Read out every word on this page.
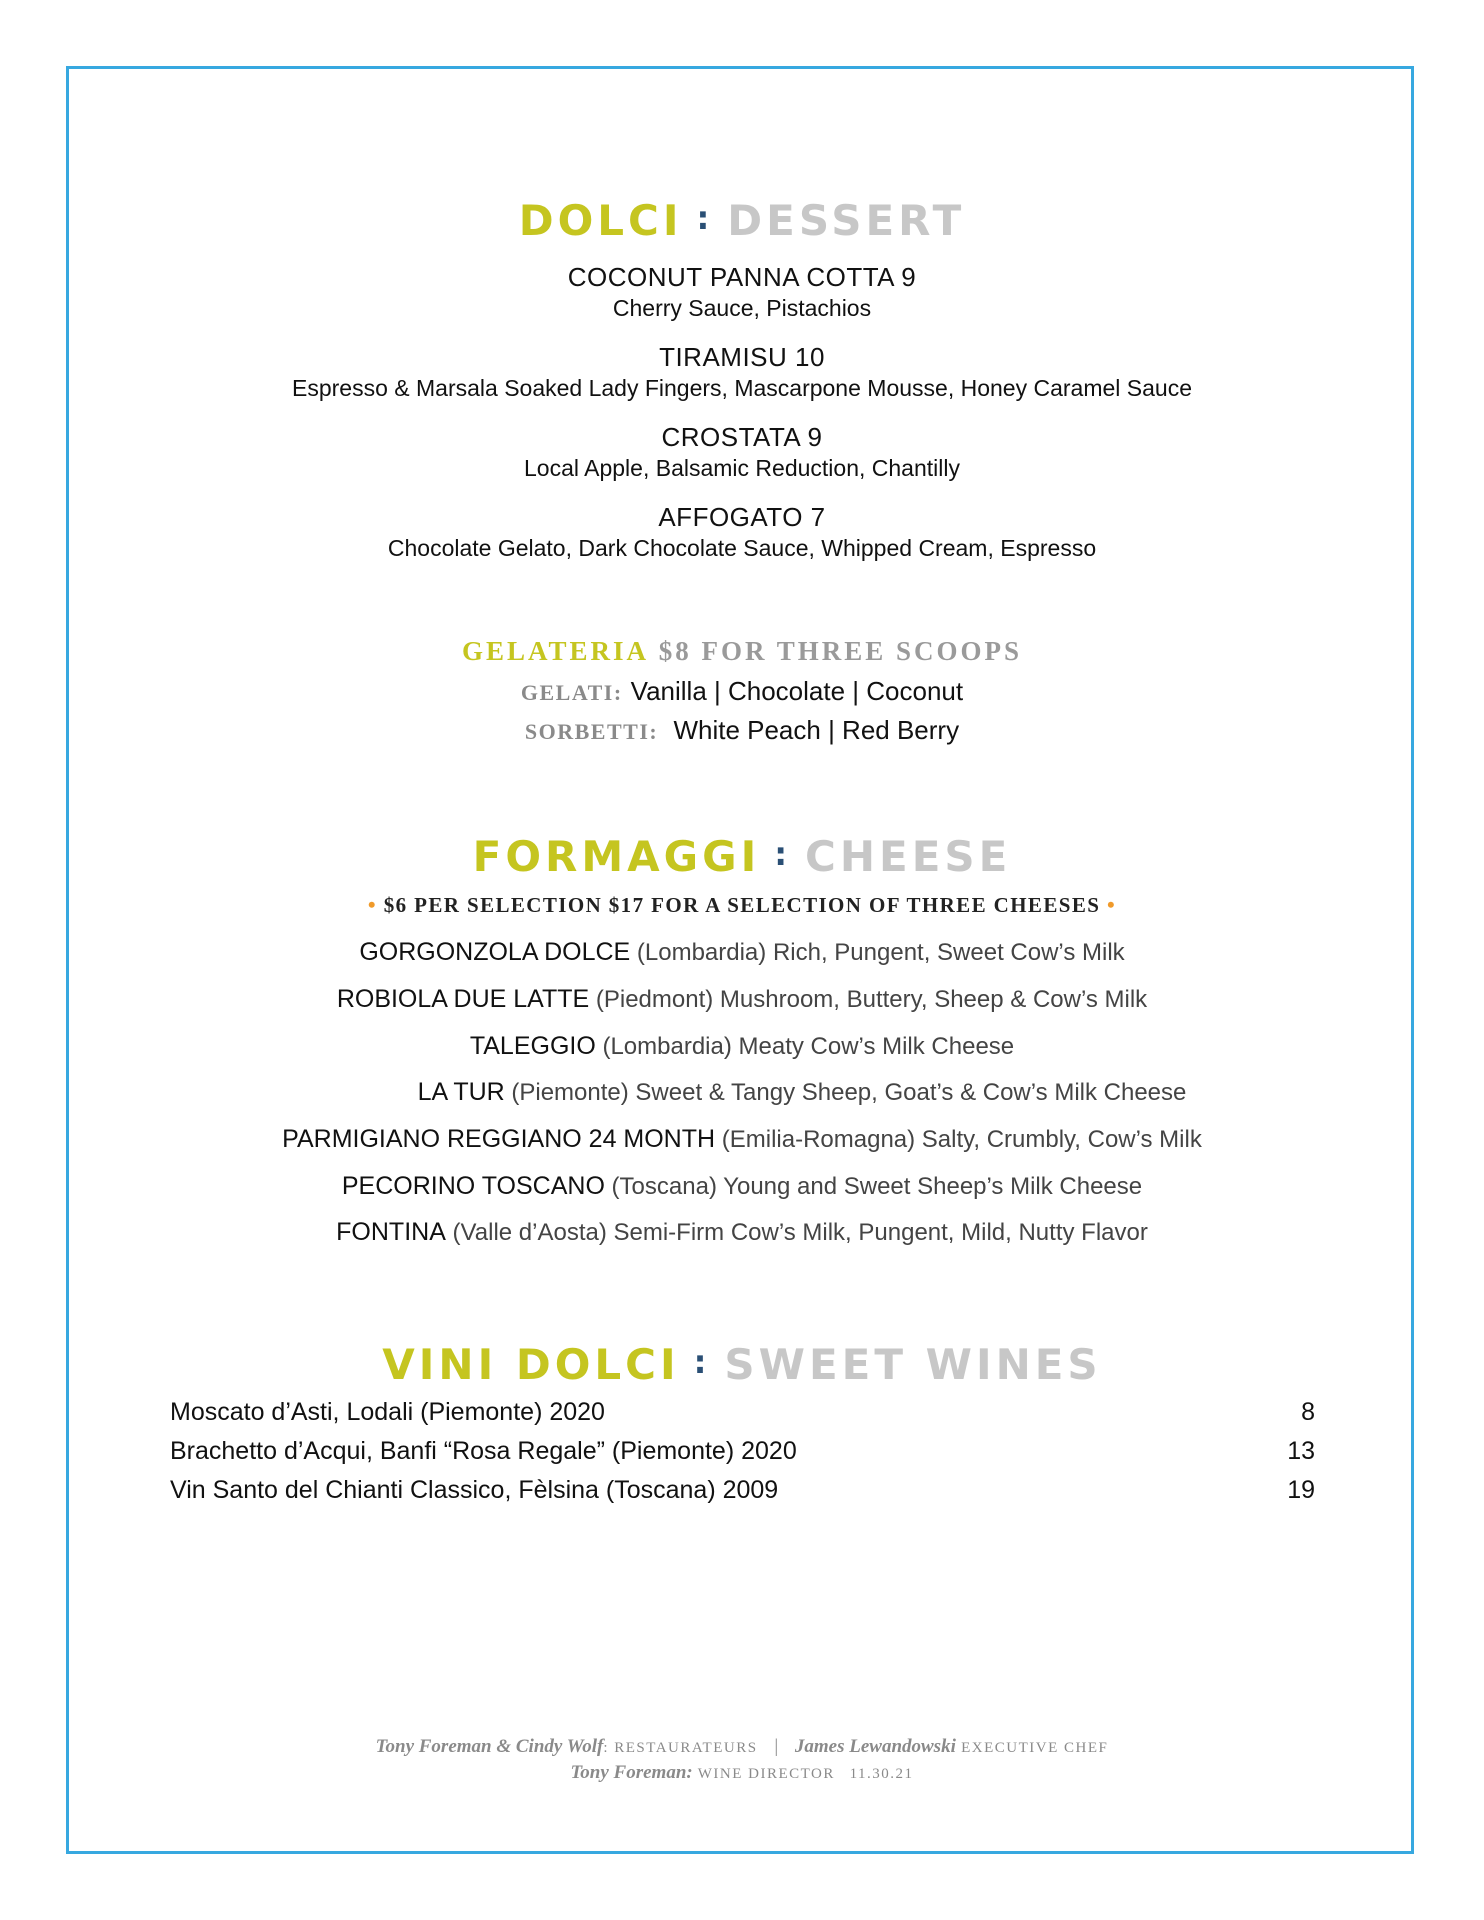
DOLCI : DESSERT
COCONUT PANNA COTTA 9
Cherry Sauce, Pistachios
TIRAMISU 10
Espresso & Marsala Soaked Lady Fingers, Mascarpone Mousse, Honey Caramel Sauce
CROSTATA 9
Local Apple, Balsamic Reduction, Chantilly
AFFOGATO 7
Chocolate Gelato, Dark Chocolate Sauce, Whipped Cream, Espresso
GELATERIA $8 FOR THREE SCOOPS
GELATI: Vanilla | Chocolate | Coconut
SORBETTI: White Peach | Red Berry
FORMAGGI : CHEESE
• $6 PER SELECTION $17 FOR A SELECTION OF THREE CHEESES •
GORGONZOLA DOLCE (Lombardia) Rich, Pungent, Sweet Cow’s Milk
ROBIOLA DUE LATTE (Piedmont) Mushroom, Buttery, Sheep & Cow’s Milk
TALEGGIO (Lombardia) Meaty Cow’s Milk Cheese
LA TUR (Piemonte) Sweet & Tangy Sheep, Goat’s & Cow’s Milk Cheese
PARMIGIANO REGGIANO 24 MONTH (Emilia-Romagna) Salty, Crumbly, Cow’s Milk
PECORINO TOSCANO (Toscana) Young and Sweet Sheep’s Milk Cheese
FONTINA (Valle d’Aosta) Semi-Firm Cow’s Milk, Pungent, Mild, Nutty Flavor
VINI DOLCI : SWEET WINES
Moscato d’Asti, Lodali (Piemonte) 2020	8
Brachetto d’Acqui, Banfi “Rosa Regale” (Piemonte) 2020	13
Vin Santo del Chianti Classico, Fèlsina (Toscana) 2009	19
Tony Foreman & Cindy Wolf: RESTAURATEURS | James Lewandowski EXECUTIVE CHEF
Tony Foreman: WINE DIRECTOR 11.30.21
